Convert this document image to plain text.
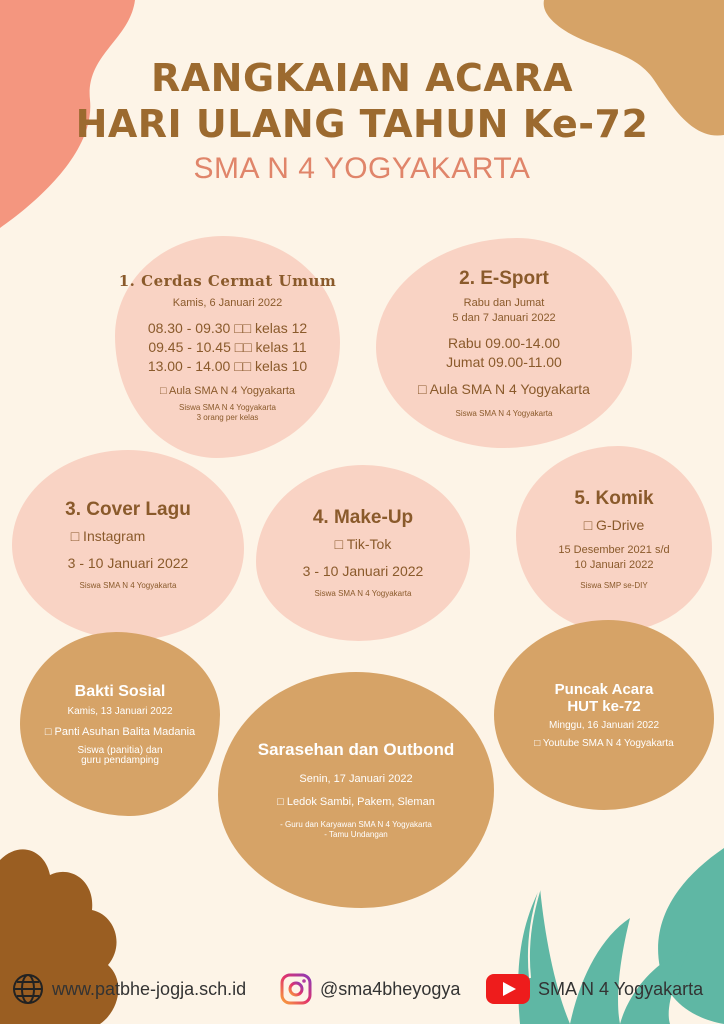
RANGKAIAN ACARA
HARI ULANG TAHUN Ke-72
SMA N 4 YOGYAKARTA
1. Cerdas Cermat Umum
Kamis, 6 Januari 2022
08.30 - 09.30 □□ kelas 12
09.45 - 10.45 □□ kelas 11
13.00 - 14.00 □□ kelas 10
□ Aula SMA N 4 Yogyakarta
Siswa SMA N 4 Yogyakarta
3 orang per kelas
2. E-Sport
Rabu dan Jumat
5 dan 7 Januari 2022
Rabu 09.00-14.00
Jumat 09.00-11.00
□ Aula SMA N 4 Yogyakarta
Siswa SMA N 4 Yogyakarta
3. Cover Lagu
□ Instagram
3 - 10 Januari 2022
Siswa SMA N 4 Yogyakarta
4. Make-Up
□ Tik-Tok
3 - 10 Januari 2022
Siswa SMA N 4 Yogyakarta
5. Komik
□ G-Drive
15 Desember 2021 s/d
10 Januari 2022
Siswa SMP se-DIY
Bakti Sosial
Kamis, 13 Januari 2022
□ Panti Asuhan Balita Madania
Siswa (panitia) dan
guru pendamping
Sarasehan dan Outbond
Senin, 17 Januari 2022
□ Ledok Sambi, Pakem, Sleman
- Guru dan Karyawan SMA N 4 Yogyakarta
- Tamu Undangan
Puncak Acara
HUT ke-72
Minggu, 16 Januari 2022
□ Youtube SMA N 4 Yogyakarta
www.patbhe-jogja.sch.id	@sma4bheyogya	SMA N 4 Yogyakarta
